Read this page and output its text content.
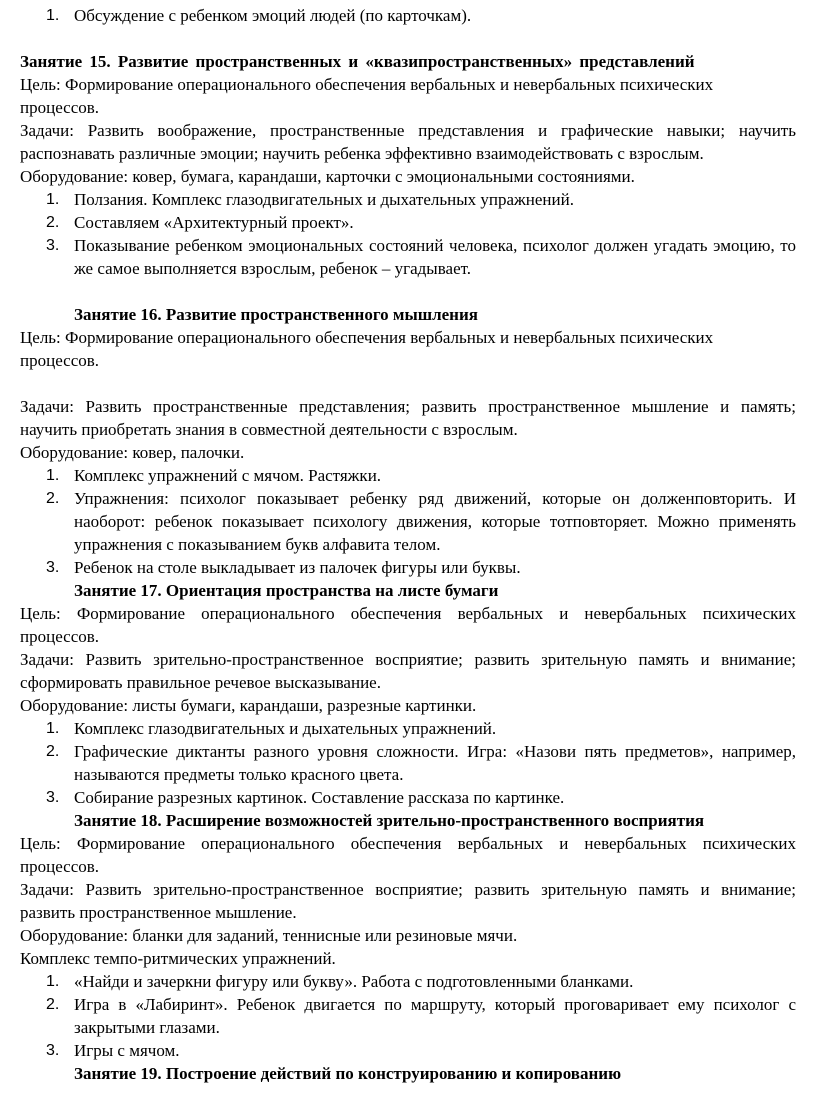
1. Обсуждение с ребенком эмоций людей (по карточкам).

Занятие 15. Развитие пространственных и «квазипространственных» представлений

Цель: Формирование операционального обеспечения вербальных и невербальных психических процессов.

Задачи: Развить воображение, пространственные представления и графические навыки; научить распознавать различные эмоции; научить ребенка эффективно взаимодействовать с взрослым.

Оборудование: ковер, бумага, карандаши, карточки с эмоциональными состояниями.

1. Ползания. Комплекс глазодвигательных и дыхательных упражнений.
2. Составляем «Архитектурный проект».
3. Показывание ребенком эмоциональных состояний человека, психолог должен угадать эмоцию, то же самое выполняется взрослым, ребенок – угадывает.

Занятие 16. Развитие пространственного мышления

Цель: Формирование операционального обеспечения вербальных и невербальных психических процессов.

Задачи: Развить пространственные представления; развить пространственное мышление и память; научить приобретать знания в совместной деятельности с взрослым.

Оборудование: ковер, палочки.

1. Комплекс упражнений с мячом. Растяжки.
2. Упражнения: психолог показывает ребенку ряд движений, которые он долженповторить. И наоборот: ребенок показывает психологу движения, которые тотповторяет. Можно применять упражнения с показыванием букв алфавита телом.
3. Ребенок на столе выкладывает из палочек фигуры или буквы.

Занятие 17. Ориентация пространства на листе бумаги

Цель: Формирование операционального обеспечения вербальных и невербальных психических процессов.

Задачи: Развить зрительно-пространственное восприятие; развить зрительную память и внимание; сформировать правильное речевое высказывание.

Оборудование: листы бумаги, карандаши, разрезные картинки.

1. Комплекс глазодвигательных и дыхательных упражнений.
2. Графические диктанты разного уровня сложности. Игра: «Назови пять предметов», например, называются предметы только красного цвета.
3. Собирание разрезных картинок. Составление рассказа по картинке.

Занятие 18. Расширение возможностей зрительно-пространственного восприятия

Цель: Формирование операционального обеспечения вербальных и невербальных психических процессов.

Задачи: Развить зрительно-пространственное восприятие; развить зрительную память и внимание; развить пространственное мышление.

Оборудование: бланки для заданий, теннисные или резиновые мячи.

Комплекс темпо-ритмических упражнений.

1. «Найди и зачеркни фигуру или букву». Работа с подготовленными бланками.
2. Игра в «Лабиринт». Ребенок двигается по маршруту, который проговаривает ему психолог с закрытыми глазами.
3. Игры с мячом.

Занятие 19. Построение действий по конструированию и копированию
